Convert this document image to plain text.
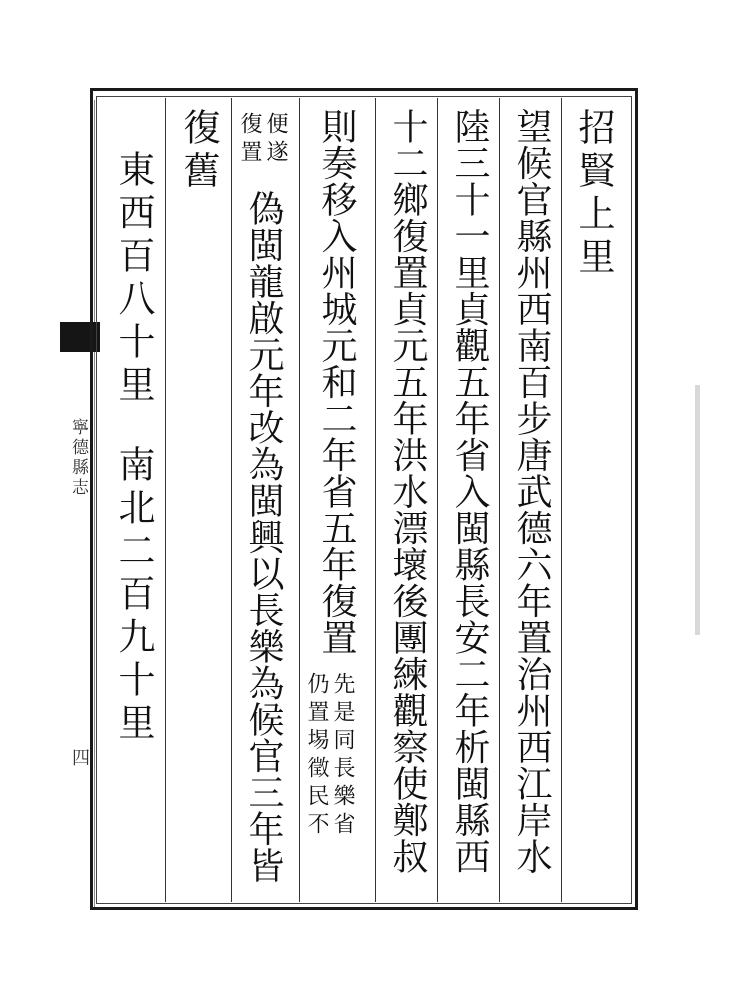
寧德縣志
四
招賢上里
望候官縣州西南百步唐武德六年置治州西江岸水
陸三十一里貞觀五年省入閩縣長安二年析閩縣西
十二鄉復置貞元五年洪水漂壞後團練觀察使鄭叔
則奏移入州城元和二年省五年復置
先是同長樂省
仍置埸徵民不
便遂
復置
偽閩龍啟元年改為閩興以長樂為候官三年皆
復舊
東西百八十里
南北二百九十里
